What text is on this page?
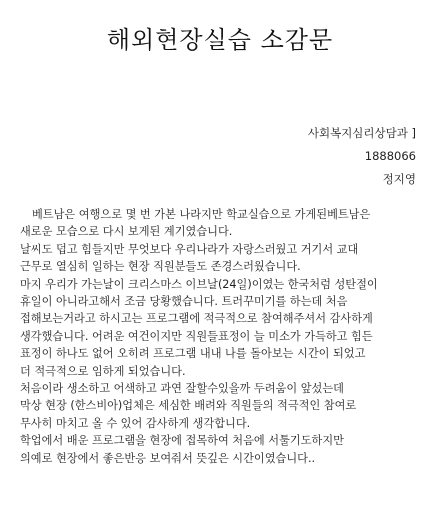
해외현장실습 소감문
사회복지심리상담과 ]
1888066
정지영
베트남은 여행으로 몇 번 가본 나라지만 학교실습으로 가게된베트남은
새로운 모습으로 다시 보게된 계기였습니다.
날씨도 덥고 힘들지만 무엇보다 우리나라가 자랑스러웠고 거기서 교대
근무로 열심히 일하는 현장 직원분들도 존경스러웠습니다.
마지 우리가 가는날이 크리스마스 이브날(24일)이였는 한국처럼 성탄절이
휴일이 아니라고해서 조금 당황했습니다. 트러꾸미기를 하는데 처음
접해보는거라고 하시고는 프로그램에 적극적으로 참여해주셔서 감사하게
생각했습니다. 어려운 여건이지만 직원들표정이 늘 미소가 가득하고 힘든
표정이 하나도 없어 오히려 프로그램 내내 나를 돌아보는 시간이 되었고
더 적극적으로 임하게 되었습니다.
처음이라 생소하고 어색하고 과연 잘할수있을까 두려움이 앞섰는데
막상 현장 (한스비아)업체은 세심한 배려와 직원들의 적극적인 참여로
무사히 마치고 올 수 있어 감사하게 생각합니다.
학업에서 배운 프로그램을 현장에 접목하여 처음에 서툴기도하지만
의예로 현장에서 좋은반응 보여줘서 뜻깊은 시간이였습니다..
